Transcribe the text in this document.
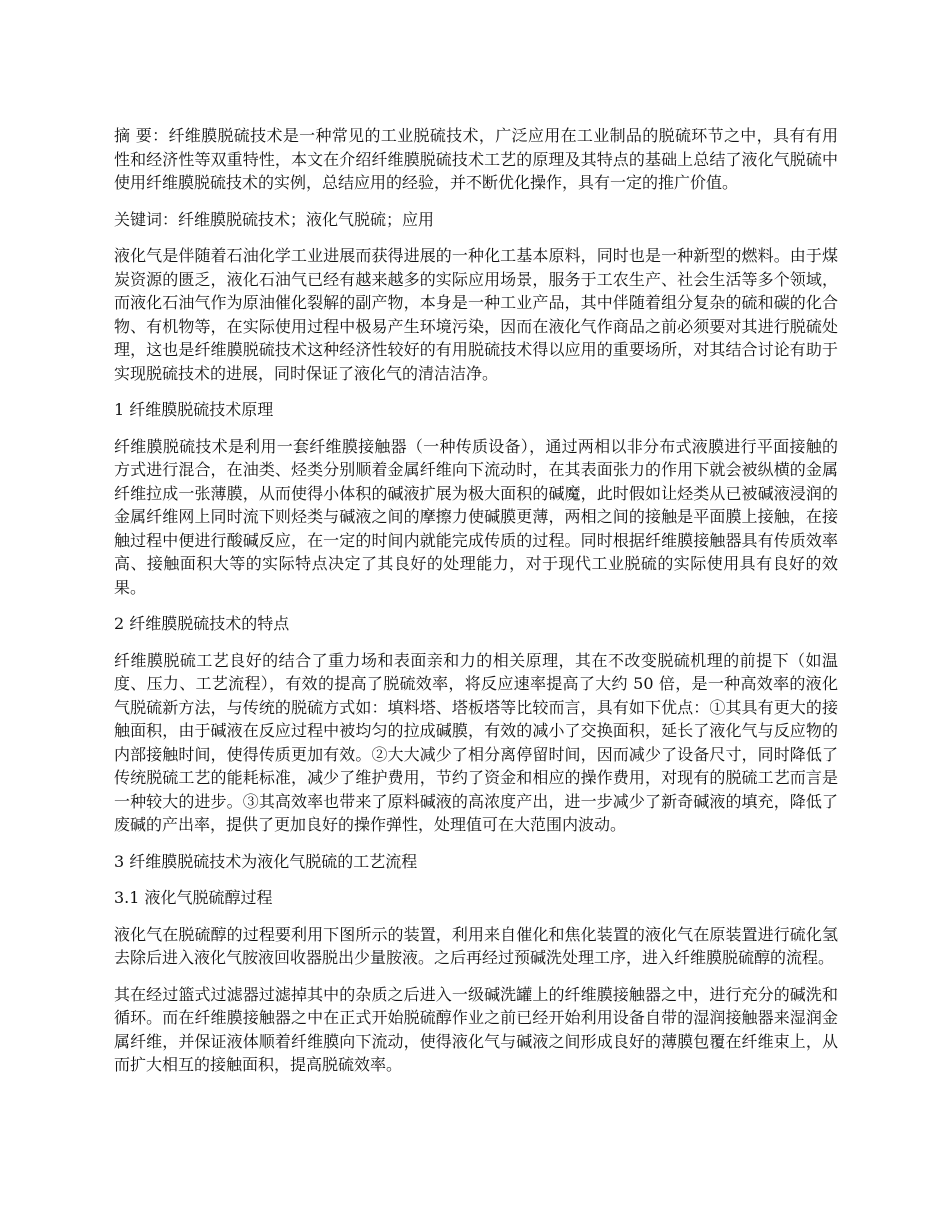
摘 要：纤维膜脱硫技术是一种常见的工业脱硫技术，广泛应用在工业制品的脱硫环节之中，具有有用性和经济性等双重特性，本文在介绍纤维膜脱硫技术工艺的原理及其特点的基础上总结了液化气脱硫中使用纤维膜脱硫技术的实例，总结应用的经验，并不断优化操作，具有一定的推广价值。

关键词：纤维膜脱硫技术；液化气脱硫；应用

液化气是伴随着石油化学工业进展而获得进展的一种化工基本原料，同时也是一种新型的燃料。由于煤炭资源的匮乏，液化石油气已经有越来越多的实际应用场景，服务于工农生产、社会生活等多个领域，而液化石油气作为原油催化裂解的副产物，本身是一种工业产品，其中伴随着组分复杂的硫和碳的化合物、有机物等，在实际使用过程中极易产生环境污染，因而在液化气作商品之前必须要对其进行脱硫处理，这也是纤维膜脱硫技术这种经济性较好的有用脱硫技术得以应用的重要场所，对其结合讨论有助于实现脱硫技术的进展，同时保证了液化气的清洁洁净。

1 纤维膜脱硫技术原理

纤维膜脱硫技术是利用一套纤维膜接触器（一种传质设备），通过两相以非分布式液膜进行平面接触的方式进行混合，在油类、烃类分别顺着金属纤维向下流动时，在其表面张力的作用下就会被纵横的金属纤维拉成一张薄膜，从而使得小体积的碱液扩展为极大面积的碱魔，此时假如让烃类从已被碱液浸润的金属纤维网上同时流下则烃类与碱液之间的摩擦力使碱膜更薄，两相之间的接触是平面膜上接触，在接触过程中便进行酸碱反应，在一定的时间内就能完成传质的过程。同时根据纤维膜接触器具有传质效率高、接触面积大等的实际特点决定了其良好的处理能力，对于现代工业脱硫的实际使用具有良好的效果。

2 纤维膜脱硫技术的特点

纤维膜脱硫工艺良好的结合了重力场和表面亲和力的相关原理，其在不改变脱硫机理的前提下（如温度、压力、工艺流程），有效的提高了脱硫效率，将反应速率提高了大约 50 倍，是一种高效率的液化气脱硫新方法，与传统的脱硫方式如：填料塔、塔板塔等比较而言，具有如下优点：①其具有更大的接触面积，由于碱液在反应过程中被均匀的拉成碱膜，有效的减小了交换面积，延长了液化气与反应物的内部接触时间，使得传质更加有效。②大大减少了相分离停留时间，因而减少了设备尺寸，同时降低了传统脱硫工艺的能耗标准，减少了维护费用，节约了资金和相应的操作费用，对现有的脱硫工艺而言是一种较大的进步。③其高效率也带来了原料碱液的高浓度产出，进一步减少了新奇碱液的填充，降低了废碱的产出率，提供了更加良好的操作弹性，处理值可在大范围内波动。

3 纤维膜脱硫技术为液化气脱硫的工艺流程

3.1 液化气脱硫醇过程

液化气在脱硫醇的过程要利用下图所示的装置，利用来自催化和焦化装置的液化气在原装置进行硫化氢去除后进入液化气胺液回收器脱出少量胺液。之后再经过预碱洗处理工序，进入纤维膜脱硫醇的流程。

其在经过篮式过滤器过滤掉其中的杂质之后进入一级碱洗罐上的纤维膜接触器之中，进行充分的碱洗和循环。而在纤维膜接触器之中在正式开始脱硫醇作业之前已经开始利用设备自带的湿润接触器来湿润金属纤维，并保证液体顺着纤维膜向下流动，使得液化气与碱液之间形成良好的薄膜包覆在纤维束上，从而扩大相互的接触面积，提高脱硫效率。
